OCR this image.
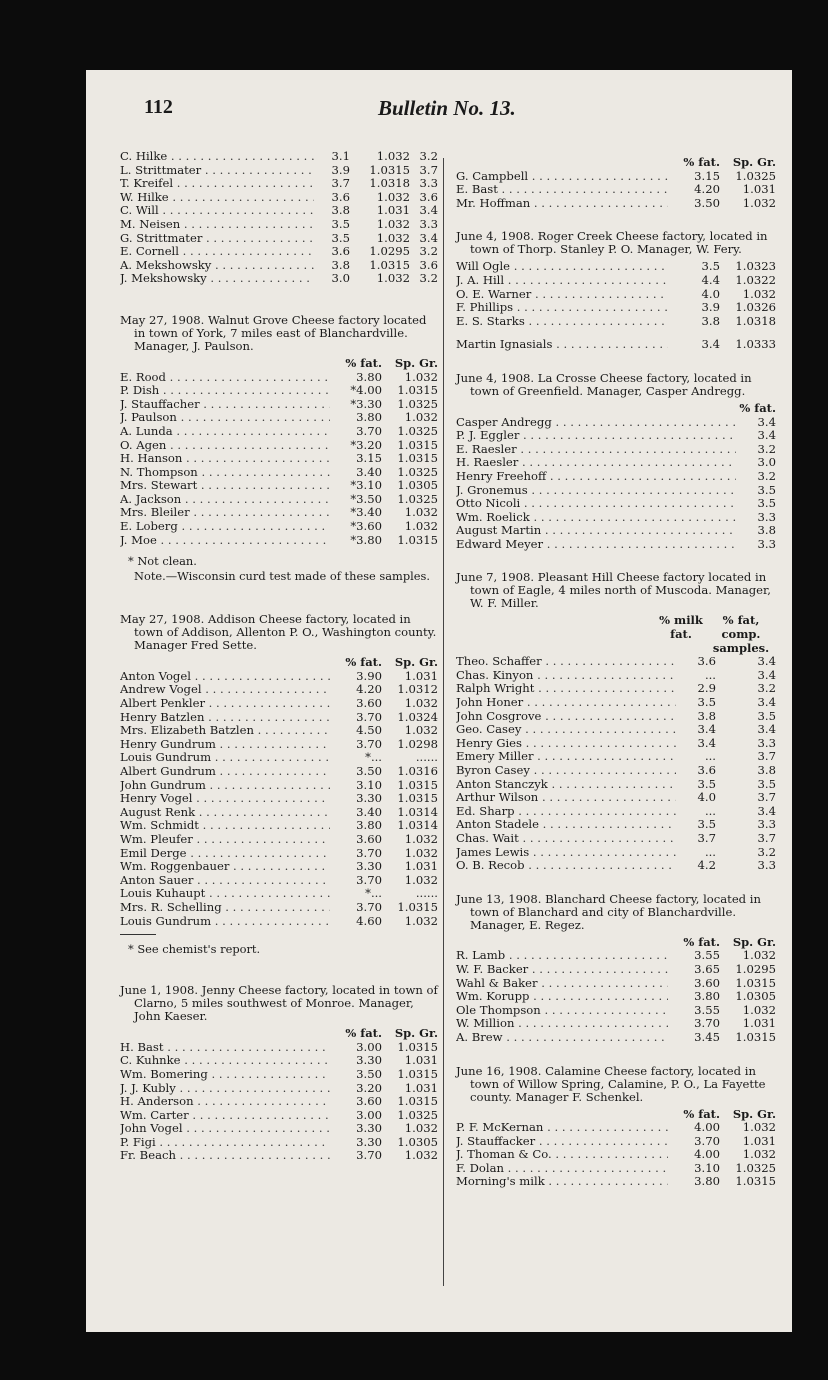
112	Bulletin No. 13.
C. Hilke . . .	3.1	1.032 3.2
L. Strittmater . . .	3.9	1.0315 3.7
T. Kreifel . . .	3.7	1.0318 3.3
W. Hilke . . .	3.6	1.032 3.6
C. Will . . .	3.8	1.031 3.4
M. Neisen . . .	3.5	1.032 3.3
G. Strittmater . . .	3.5	1.032 3.4
E. Cornell . . .	3.6	1.0295 3.2
A. Mekshowsky . . .	3.8	1.0315 3.6
J. Mekshowsky . . .	3.0	1.032 3.2
May 27, 1908. Walnut Grove Cheese factory located in town of York, 7 miles east of Blanchardville. Manager, J. Paulson.
% fat.	Sp. Gr.
E. Rood . . .	3.80	1.032
P. Dish . . .	*4.00	1.0315
J. Stauffacher . . .	*3.30	1.0325
J. Paulson . . .	3.80	1.032
A. Lunda . . .	3.70	1.0325
O. Agen . . .	*3.20	1.0315
H. Hanson . . .	3.15	1.0315
N. Thompson . . .	3.40	1.0325
Mrs. Stewart . . .	*3.10	1.0305
A. Jackson . . .	*3.50	1.0325
Mrs. Bleiler . . .	*3.40	1.032
E. Loberg . . .	*3.60	1.032
J. Moe . . .	*3.80	1.0315
* Not clean.
Note.—Wisconsin curd test made of these samples.
May 27, 1908. Addison Cheese factory, located in town of Addison, Allenton P. O., Washington county. Manager Fred Sette.
% fat.	Sp. Gr.
Anton Vogel . . .	3.90	1.031
Andrew Vogel . . .	4.20	1.0312
Albert Penkler . . .	3.60	1.032
Henry Batzlen . . .	3.70	1.0324
Mrs. Elizabeth Batzlen . . .	4.50	1.032
Henry Gundrum . . .	3.70	1.0298
Louis Gundrum . . .	*...	......
Albert Gundrum . . .	3.50	1.0316
John Gundrum . . .	3.10	1.0315
Henry Vogel . . .	3.30	1.0315
August Renk . . .	3.40	1.0314
Wm. Schmidt . . .	3.80	1.0314
Wm. Pleufer . . .	3.60	1.032
Emil Derge . . .	3.70	1.032
Wm. Roggenbauer . . .	3.30	1.031
Anton Sauer . . .	3.70	1.032
Louis Kuhaupt . . .	*...	......
Mrs. R. Schelling . . .	3.70	1.0315
Louis Gundrum . . .	4.60	1.032
* See chemist's report.
June 1, 1908. Jenny Cheese factory, located in town of Clarno, 5 miles southwest of Monroe. Manager, John Kaeser.
% fat.	Sp. Gr.
H. Bast . . .	3.00	1.0315
C. Kuhnke . . .	3.30	1.031
Wm. Bomering . . .	3.50	1.0315
J. J. Kubly . . .	3.20	1.031
H. Anderson . . .	3.60	1.0315
Wm. Carter . . .	3.00	1.0325
John Vogel . . .	3.30	1.032
P. Figi . . .	3.30	1.0305
Fr. Beach . . .	3.70	1.032
% fat.	Sp. Gr.
G. Campbell . . .	3.15	1.0325
E. Bast . . .	4.20	1.031
Mr. Hoffman . . .	3.50	1.032
June 4, 1908. Roger Creek Cheese factory, located in town of Thorp. Stanley P. O. Manager, W. Fery.
Will Ogle . . .	3.5	1.0323
J. A. Hill . . .	4.4	1.0322
O. E. Warner . . .	4.0	1.032
F. Phillips . . .	3.9	1.0326
E. S. Starks . . .	3.8	1.0318
Martin Ignasials . . .	3.4	1.0333
June 4, 1908. La Crosse Cheese factory, located in town of Greenfield. Manager, Casper Andregg.
% fat.
Casper Andregg . . .	3.4
P. J. Eggler . . .	3.4
E. Raesler . . .	3.2
H. Raesler . . .	3.0
Henry Freehoff . . .	3.2
J. Gronemus . . .	3.5
Otto Nicoli . . .	3.5
Wm. Roelick . . .	3.3
August Martin . . .	3.8
Edward Meyer . . .	3.3
June 7, 1908. Pleasant Hill Cheese factory located in town of Eagle, 4 miles north of Muscoda. Manager, W. F. Miller.
% milk
fat.
% fat,
comp.
samples.
Theo. Schaffer . . .	3.6	3.4
Chas. Kinyon . . .	...	3.4
Ralph Wright . . .	2.9	3.2
John Honer . . .	3.5	3.4
John Cosgrove . . .	3.8	3.5
Geo. Casey . . .	3.4	3.4
Henry Gies . . .	3.4	3.3
Emery Miller . . .	...	3.7
Byron Casey . . .	3.6	3.8
Anton Stanczyk . . .	3.5	3.5
Arthur Wilson . . .	4.0	3.7
Ed. Sharp . . .	...	3.4
Anton Stadele . . .	3.5	3.3
Chas. Wait . . .	3.7	3.7
James Lewis . . .	...	3.2
O. B. Recob . . .	4.2	3.3
June 13, 1908. Blanchard Cheese factory, located in town of Blanchard and city of Blanchardville. Manager, E. Regez.
% fat.	Sp. Gr.
R. Lamb . . .	3.55	1.032
W. F. Backer . . .	3.65	1.0295
Wahl & Baker . . .	3.60	1.0315
Wm. Korupp . . .	3.80	1.0305
Ole Thompson . . .	3.55	1.032
W. Million . . .	3.70	1.031
A. Brew . . .	3.45	1.0315
June 16, 1908. Calamine Cheese factory, located in town of Willow Spring, Calamine, P. O., La Fayette county. Manager F. Schenkel.
% fat.	Sp. Gr.
P. F. McKernan . . .	4.00	1.032
J. Stauffacker . . .	3.70	1.031
J. Thoman & Co. . . .	4.00	1.032
F. Dolan . . .	3.10	1.0325
Morning's milk . . .	3.80	1.0315
